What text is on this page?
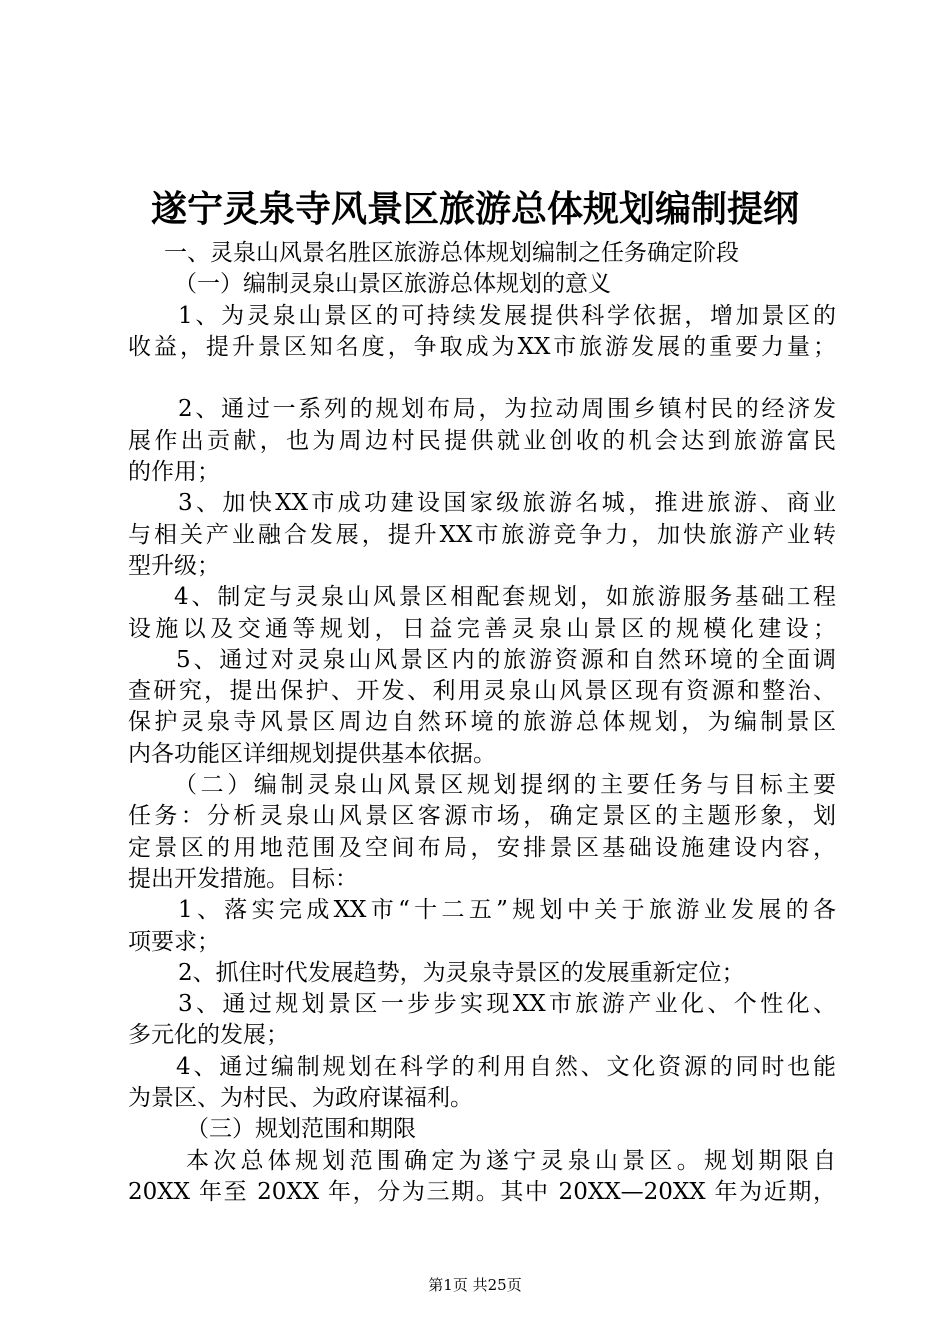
遂宁灵泉寺风景区旅游总体规划编制提纲
一、灵泉山风景名胜区旅游总体规划编制之任务确定阶段
（一）编制灵泉山景区旅游总体规划的意义
1、为灵泉山景区的可持续发展提供科学依据，增加景区的
收益，提升景区知名度，争取成为XX市旅游发展的重要力量；
2、通过一系列的规划布局，为拉动周围乡镇村民的经济发
展作出贡献，也为周边村民提供就业创收的机会达到旅游富民
的作用；
3、加快XX市成功建设国家级旅游名城，推进旅游、商业
与相关产业融合发展，提升XX市旅游竞争力，加快旅游产业转
型升级；
4、制定与灵泉山风景区相配套规划，如旅游服务基础工程
设施以及交通等规划，日益完善灵泉山景区的规模化建设；
5、通过对灵泉山风景区内的旅游资源和自然环境的全面调
查研究，提出保护、开发、利用灵泉山风景区现有资源和整治、
保护灵泉寺风景区周边自然环境的旅游总体规划，为编制景区
内各功能区详细规划提供基本依据。
（二）编制灵泉山风景区规划提纲的主要任务与目标主要
任务：分析灵泉山风景区客源市场，确定景区的主题形象，划
定景区的用地范围及空间布局，安排景区基础设施建设内容，
提出开发措施。目标：
1、落实完成XX市“十二五”规划中关于旅游业发展的各
项要求；
2、抓住时代发展趋势，为灵泉寺景区的发展重新定位；
3、通过规划景区一步步实现XX市旅游产业化、个性化、
多元化的发展；
4、通过编制规划在科学的利用自然、文化资源的同时也能
为景区、为村民、为政府谋福利。
（三）规划范围和期限
本次总体规划范围确定为遂宁灵泉山景区。规划期限自
20XX 年至 20XX 年，分为三期。其中 20XX—20XX 年为近期，
第1页 共25页
